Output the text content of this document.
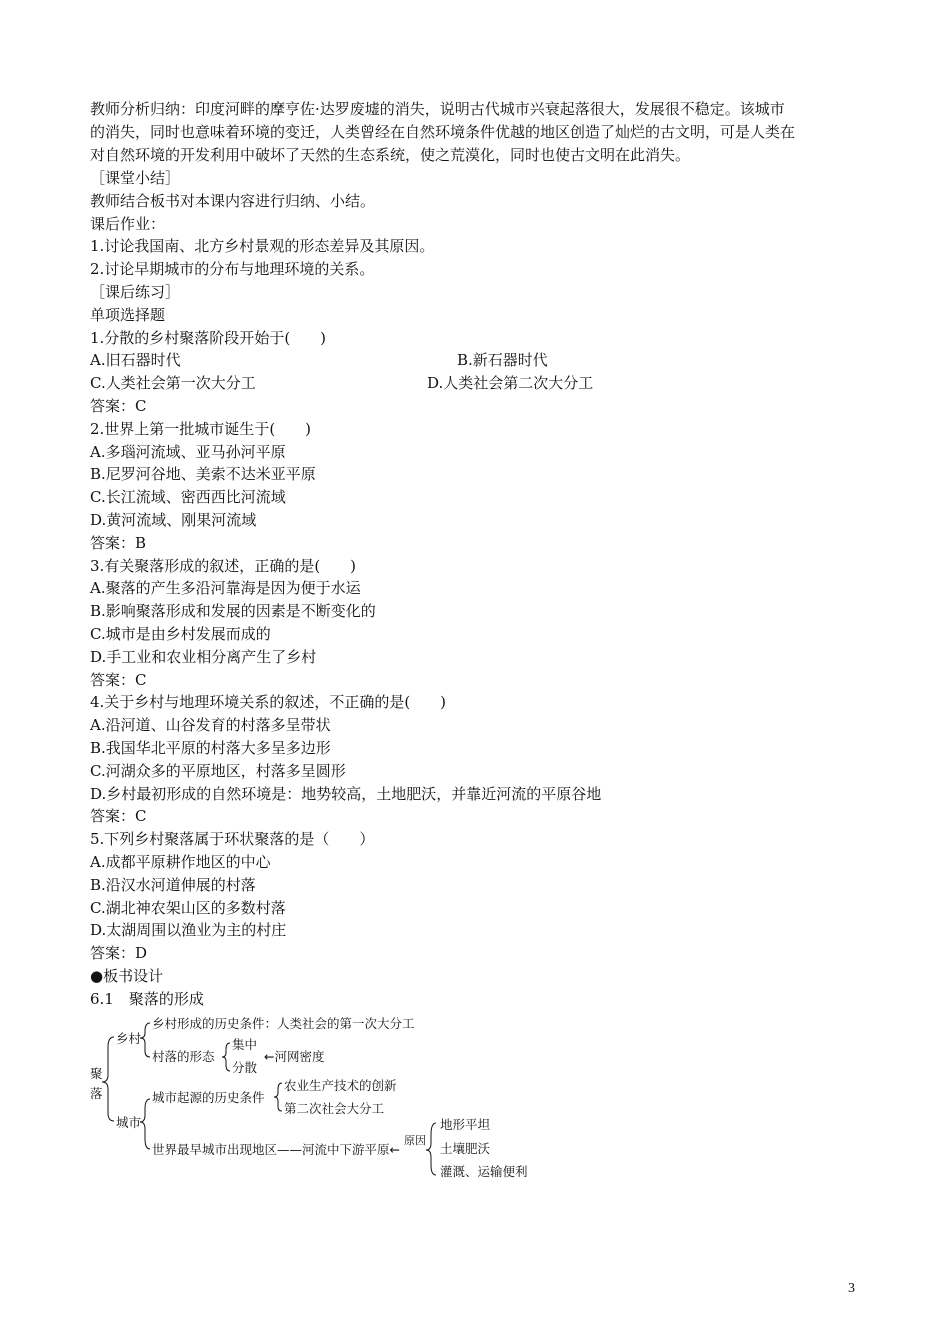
教师分析归纳：印度河畔的摩亨佐·达罗废墟的消失，说明古代城市兴衰起落很大，发展很不稳定。该城市

的消失，同时也意味着环境的变迁，人类曾经在自然环境条件优越的地区创造了灿烂的古文明，可是人类在

对自然环境的开发利用中破坏了天然的生态系统，使之荒漠化，同时也使古文明在此消失。

［课堂小结］

教师结合板书对本课内容进行归纳、小结。

课后作业：

1.讨论我国南、北方乡村景观的形态差异及其原因。

2.讨论早期城市的分布与地理环境的关系。

［课后练习］

单项选择题

1.分散的乡村聚落阶段开始于(　　)

A.旧石器时代	B.新石器时代
C.人类社会第一次大分工	D.人类社会第二次大分工

答案：C

2.世界上第一批城市诞生于(　　)

A.多瑙河流域、亚马孙河平原

B.尼罗河谷地、美索不达米亚平原

C.长江流域、密西西比河流域

D.黄河流域、刚果河流域

答案：B

3.有关聚落形成的叙述，正确的是(　　)

A.聚落的产生多沿河靠海是因为便于水运

B.影响聚落形成和发展的因素是不断变化的

C.城市是由乡村发展而成的

D.手工业和农业相分离产生了乡村

答案：C

4.关于乡村与地理环境关系的叙述，不正确的是(　　)

A.沿河道、山谷发育的村落多呈带状

B.我国华北平原的村落大多呈多边形

C.河湖众多的平原地区，村落多呈圆形

D.乡村最初形成的自然环境是：地势较高，土地肥沃，并靠近河流的平原谷地

答案：C

5.下列乡村聚落属于环状聚落的是（　　）

A.成都平原耕作地区的中心

B.沿汉水河道伸展的村落

C.湖北神农架山区的多数村落

D.太湖周围以渔业为主的村庄

答案：D

●板书设计

6.1　聚落的形成

聚
落
乡村
乡村形成的历史条件：人类社会的第一次大分工
村落的形态
集中
分散
←河网密度
城市
城市起源的历史条件
农业生产技术的创新
第二次社会大分工
世界最早城市出现地区——河流中下游平原←
原因
地形平坦
土壤肥沃
灌溉、运输便利
3
